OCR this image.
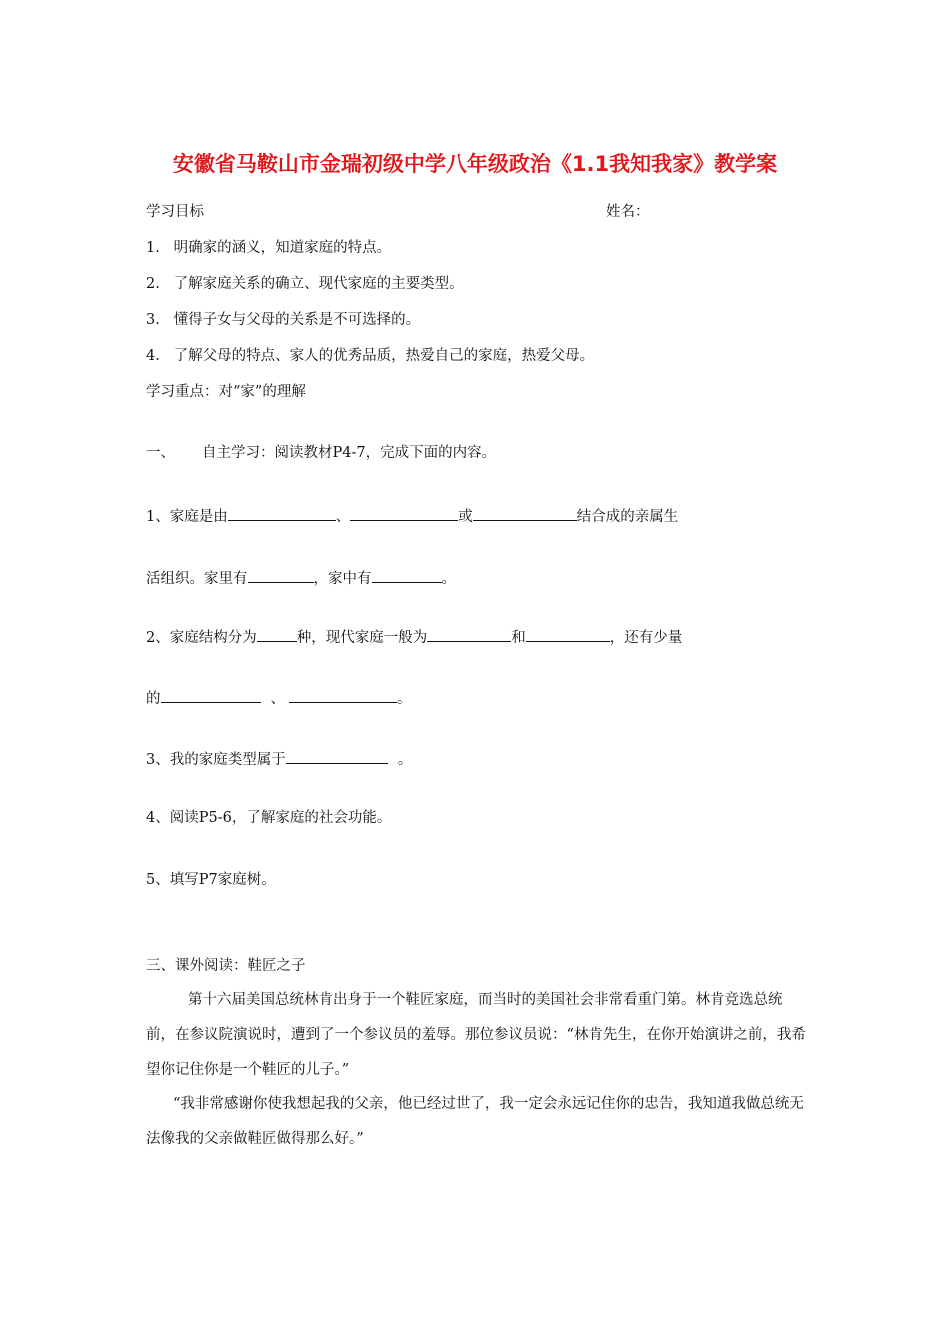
安徽省马鞍山市金瑞初级中学八年级政治《1.1我知我家》教学案
学习目标	姓名：
1.   明确家的涵义，知道家庭的特点。
2.   了解家庭关系的确立、现代家庭的主要类型。
3.   懂得子女与父母的关系是不可选择的。
4.   了解父母的特点、家人的优秀品质，热爱自己的家庭，热爱父母。
学习重点：对“家”的理解
一、 自主学习：阅读教材P4-7，完成下面的内容。
1、家庭是由	、	或	结合成的亲属生
活组织。家里有	，家中有	。
2、家庭结构分为	种，现代家庭一般为	和	，还有少量
的	、	。
3、我的家庭类型属于	。
4、阅读P5-6，了解家庭的社会功能。
5、填写P7家庭树。
三、课外阅读：鞋匠之子
第十六届美国总统林肯出身于一个鞋匠家庭，而当时的美国社会非常看重门第。林肯竞选总统前，在参议院演说时，遭到了一个参议员的羞辱。那位参议员说：“林肯先生，在你开始演讲之前，我希望你记住你是一个鞋匠的儿子。”
“我非常感谢你使我想起我的父亲，他已经过世了，我一定会永远记住你的忠告，我知道我做总统无法像我的父亲做鞋匠做得那么好。”
